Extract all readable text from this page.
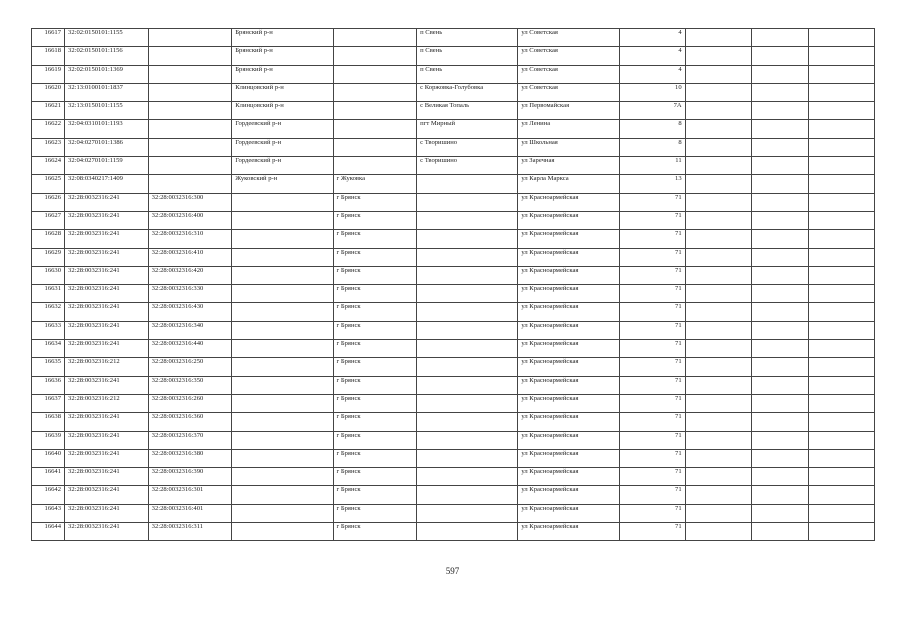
16617	32:02:0150101:1155		Брянский р-н		п Свень	ул Советская	4			
16618	32:02:0150101:1156		Брянский р-н		п Свень	ул Советская	4			
16619	32:02:0150101:1369		Брянский р-н		п Свень	ул Советская	4			
16620	32:13:0100101:1837		Клинцовский р-н		с Коржовка-Голубовка	ул Советская	10			
16621	32:13:0150101:1155		Клинцовский р-н		с Великая Топаль	ул Первомайская	7А			
16622	32:04:0310101:1193		Гордеевский р-н		пгт Мирный	ул Ленина	8			
16623	32:04:0270101:1386		Гордеевский р-н		с Творишино	ул Школьная	8			
16624	32:04:0270101:1159		Гордеевский р-н		с Творишино	ул Заречная	11			
16625	32:08:0340217:1409		Жуковский р-н	г Жуковка		ул Карла Маркса	13			
16626	32:28:0032316:241	32:28:0032316:300		г Брянск		ул Красноармейская	71			
16627	32:28:0032316:241	32:28:0032316:400		г Брянск		ул Красноармейская	71			
16628	32:28:0032316:241	32:28:0032316:310		г Брянск		ул Красноармейская	71			
16629	32:28:0032316:241	32:28:0032316:410		г Брянск		ул Красноармейская	71			
16630	32:28:0032316:241	32:28:0032316:420		г Брянск		ул Красноармейская	71			
16631	32:28:0032316:241	32:28:0032316:330		г Брянск		ул Красноармейская	71			
16632	32:28:0032316:241	32:28:0032316:430		г Брянск		ул Красноармейская	71			
16633	32:28:0032316:241	32:28:0032316:340		г Брянск		ул Красноармейская	71			
16634	32:28:0032316:241	32:28:0032316:440		г Брянск		ул Красноармейская	71			
16635	32:28:0032316:212	32:28:0032316:250		г Брянск		ул Красноармейская	71			
16636	32:28:0032316:241	32:28:0032316:350		г Брянск		ул Красноармейская	71			
16637	32:28:0032316:212	32:28:0032316:260		г Брянск		ул Красноармейская	71			
16638	32:28:0032316:241	32:28:0032316:360		г Брянск		ул Красноармейская	71			
16639	32:28:0032316:241	32:28:0032316:370		г Брянск		ул Красноармейская	71			
16640	32:28:0032316:241	32:28:0032316:380		г Брянск		ул Красноармейская	71			
16641	32:28:0032316:241	32:28:0032316:390		г Брянск		ул Красноармейская	71			
16642	32:28:0032316:241	32:28:0032316:301		г Брянск		ул Красноармейская	71			
16643	32:28:0032316:241	32:28:0032316:401		г Брянск		ул Красноармейская	71			
16644	32:28:0032316:241	32:28:0032316:311		г Брянск		ул Красноармейская	71			
597
